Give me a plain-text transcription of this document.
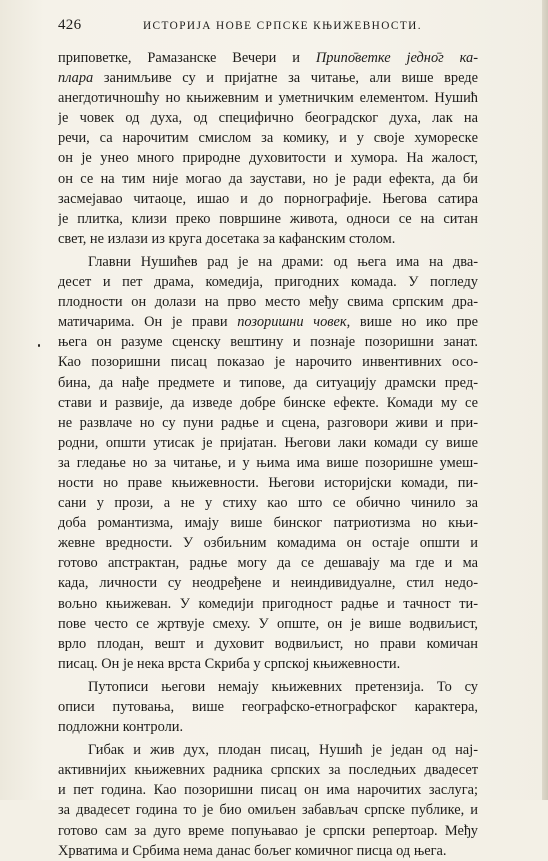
426	ИСТОРИЈА НОВЕ СРПСКЕ КЊИЖЕВНОСТИ.
приповетке, Рамазанске Вечери и Припо̄ветке једно̄г ка-
пларa занимљиве су и пријатне за читање, али више вреде
анегдотичношћу но књижевним и уметничким елементом. Нушић
је човек од духа, од специфично београдског духа, лак на
речи, са нарочитим смислом за комику, и у своје хуморескe
он је унео много природне духовитости и хумора. На жалост,
он се на тим није могао да заустави, но је ради ефекта, да би
засмејавао читаоце, ишао и до порнографије. Његова сатира
је плитка, клизи преко површине живота, односи се на ситан
свет, не излази из круга досетака за кафанским столом.
Главни Нушићев рад је на драми: од њега има на два-
десет и пет драма, комедија, пригодних комада. У погледу
плодности он долази на прво место међу свима српским дра-
матичарима. Он је прави позоришни човек, више но ико пре
њега он разуме сценску вештину и познаје позоришни занат.
Као позоришни писац показао је нарочито инвентивних осо-
бина, да нађе предмете и типове, да ситуацију драмски пред-
стави и развије, да изведе добре бинске ефекте. Комади му се
не развлаче но су пуни радње и сцена, разговори живи и при-
родни, општи утисак је пријатан. Његови лаки комади су више
за гледање но за читање, и у њима има више позоришне умеш-
ности но праве књижевности. Његови историјски комади, пи-
сани у прози, а не у стиху као што се обично чинило за
доба романтизма, имају више бинског патриотизма но књи-
жевне вредности. У озбиљним комадима он остаје општи и
готово апстрактан, радње могу да се дешавају ма где и ма
када, личности су неодређене и неиндивидуалне, стил недо-
вољно књижеван. У комедији пригодност радње и тачност ти-
пове често се жртвује смеху. У опште, он је више водвиљист,
врло плодан, вешт и духовит водвиљист, но прави комичан
писац. Он је нека врста Скриба у српској књижевности.
Путописи његови немају књижевних претензија. То су
описи путовања, више географско-етнографског карактера,
подложни контроли.
Гибак и жив дух, плодан писац, Нушић је један од нај-
активнијих књижевних радника српских за последњих двадесет
и пет година. Као позоришни писац он има нарочитих заслуга;
за двадесет година то је био омиљен забављач српске публике, и
готово сам за дуго време попуњавао је српски репертоар. Међу
Хрватима и Србима нема данас бољег комичног писца од њега.
